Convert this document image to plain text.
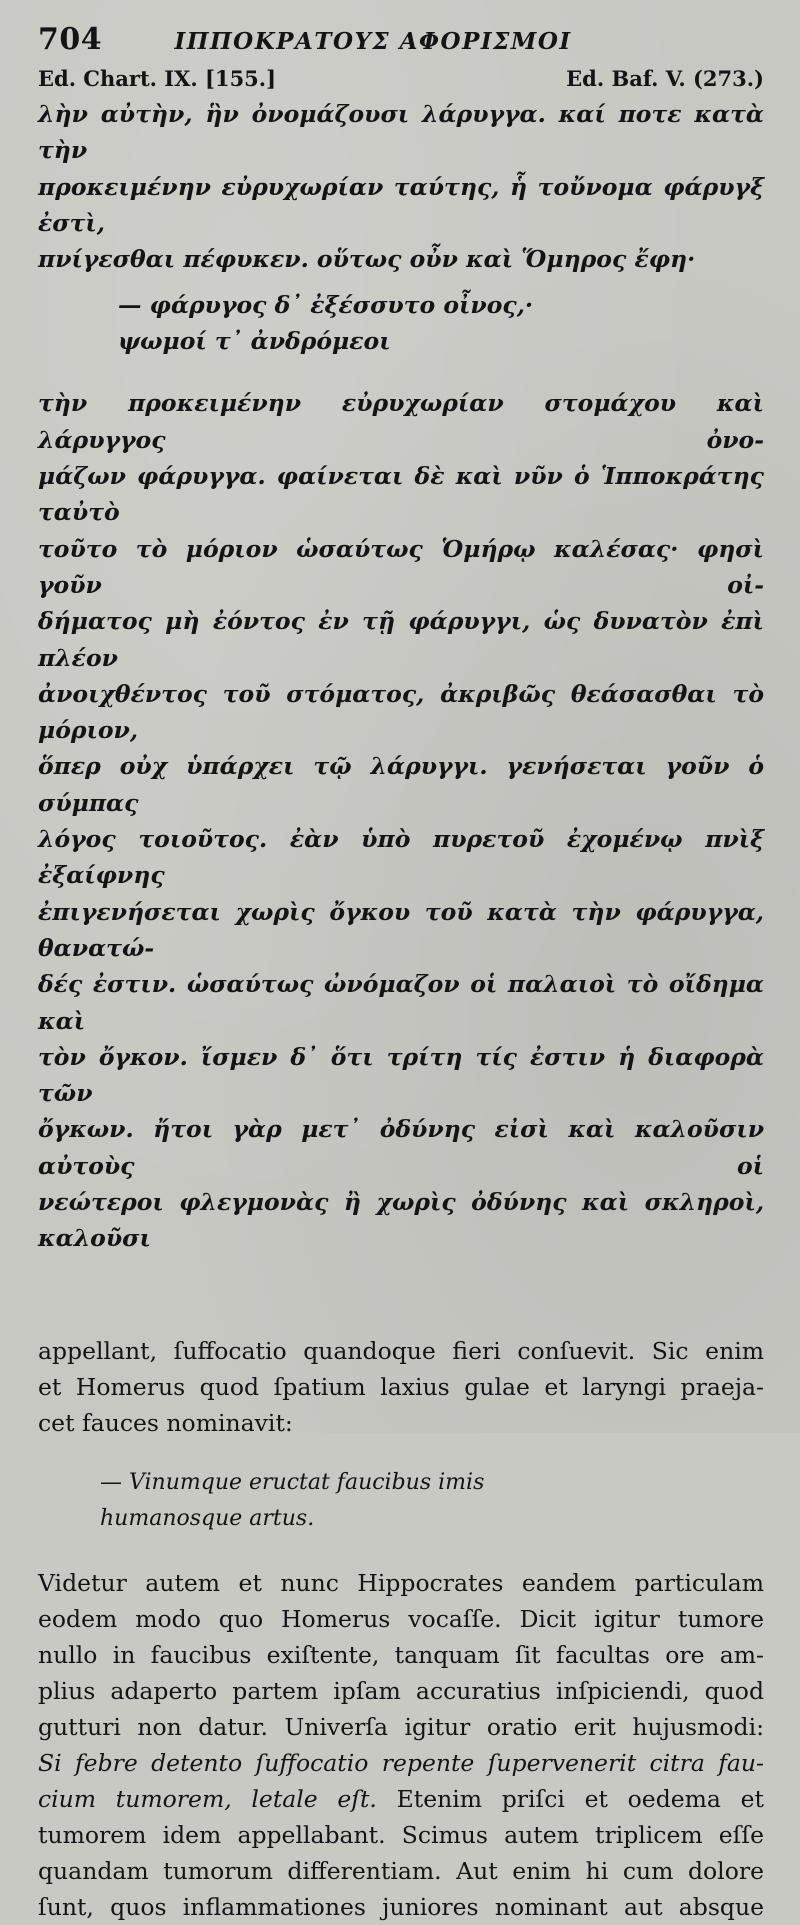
704	ΙΠΠΟΚΡΑΤΟΥΣ ΑΦΟΡΙΣΜΟΙ
Ed. Chart. IX. [155.]	Ed. Baf. V. (273.)

λὴν αὐτὴν, ἣν ὀνομάζουσι λάρυγγα. καί ποτε κατὰ τὴν

προκειμένην εὐρυχωρίαν ταύτης, ἧ τοὔνομα φάρυγξ ἐστὶ,

πνίγεσθαι πέφυκεν. οὕτως οὖν καὶ Ὅμηρος ἔφη·

— φάρυγος δ᾽ ἐξέσσυτο οἶνος,·
ψωμοί τ᾽ ἀνδρόμεοι

τὴν προκειμένην εὐρυχωρίαν στομάχου καὶ λάρυγγος ὀνο-

μάζων φάρυγγα. φαίνεται δὲ καὶ νῦν ὁ Ἱπποκράτης ταὐτὸ

τοῦτο τὸ μόριον ὡσαύτως Ὁμήρῳ καλέσας· φησὶ γοῦν οἰ-

δήματος μὴ ἐόντος ἐν τῇ φάρυγγι, ὡς δυνατὸν ἐπὶ πλέον

ἀνοιχθέντος τοῦ στόματος, ἀκριβῶς θεάσασθαι τὸ μόριον,

ὅπερ οὐχ ὑπάρχει τῷ λάρυγγι. γενήσεται γοῦν ὁ σύμπας

λόγος τοιοῦτος. ἐὰν ὑπὸ πυρετοῦ ἐχομένῳ πνὶξ ἐξαίφνης

ἐπιγενήσεται χωρὶς ὄγκου τοῦ κατὰ τὴν φάρυγγα, θανατώ-

δές ἐστιν. ὡσαύτως ὠνόμαζον οἱ παλαιοὶ τὸ οἴδημα καὶ

τὸν ὄγκον. ἴσμεν δ᾽ ὅτι τρίτη τίς ἐστιν ἡ διαφορὰ τῶν

ὄγκων. ἤτοι γὰρ μετ᾽ ὀδύνης εἰσὶ καὶ καλοῦσιν αὐτοὺς οἱ

νεώτεροι φλεγμονὰς ἢ χωρὶς ὀδύνης καὶ σκληροὶ, καλοῦσι

appellant, ſuffocatio quandoque fieri conſuevit. Sic enim

et Homerus quod ſpatium laxius gulae et laryngi praeja-

cet fauces nominavit:

— Vinumque eructat faucibus imis
humanosque artus.

Videtur autem et nunc Hippocrates eandem particulam

eodem modo quo Homerus vocaſſe. Dicit igitur tumore

nullo in faucibus exiſtente, tanquam ſit facultas ore am-

plius adaperto partem ipſam accuratius inſpiciendi, quod

gutturi non datur. Univerſa igitur oratio erit hujusmodi:

Si febre detento ſuffocatio repente ſupervenerit citra fau-

cium tumorem, letale eſt. Etenim priſci et oedema et

tumorem idem appellabant. Scimus autem triplicem eſſe

quandam tumorum differentiam. Aut enim hi cum dolore

ſunt, quos inflammationes juniores nominant aut absque
